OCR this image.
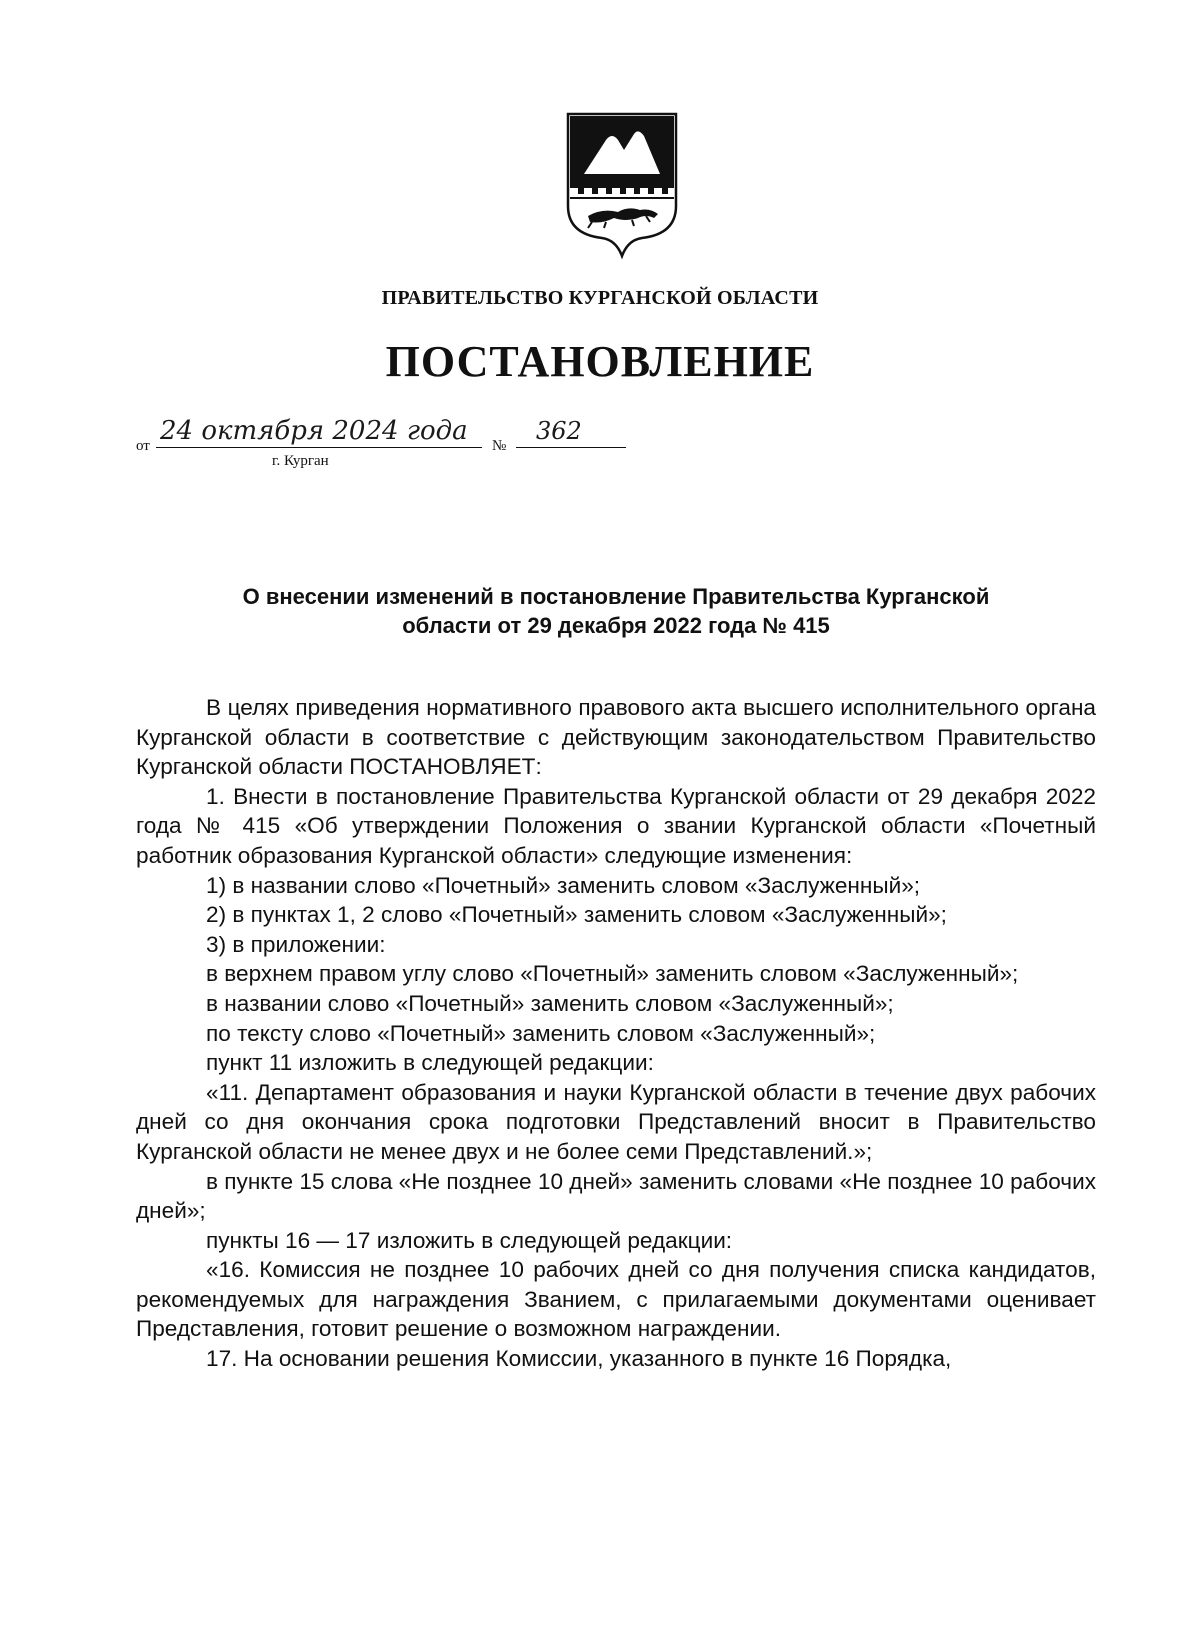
ПРАВИТЕЛЬСТВО КУРГАНСКОЙ ОБЛАСТИ
ПОСТАНОВЛЕНИЕ
от 24 октября 2024 года	№
362
г. Курган
О внесении изменений в постановление Правительства Курганской
области от 29 декабря 2022 года № 415

В целях приведения нормативного правового акта высшего исполнительного органа Курганской области в соответствие с действующим законодательством Правительство Курганской области ПОСТАНОВЛЯЕТ:

1. Внести в постановление Правительства Курганской области от 29 декабря 2022 года № 415 «Об утверждении Положения о звании Курганской области «Почетный работник образования Курганской области» следующие изменения:

1) в названии слово «Почетный» заменить словом «Заслуженный»;

2) в пунктах 1, 2 слово «Почетный» заменить словом «Заслуженный»;

3) в приложении:

в верхнем правом углу слово «Почетный» заменить словом «Заслуженный»;

в названии слово «Почетный» заменить словом «Заслуженный»;

по тексту слово «Почетный» заменить словом «Заслуженный»;

пункт 11 изложить в следующей редакции:

«11. Департамент образования и науки Курганской области в течение двух рабочих дней со дня окончания срока подготовки Представлений вносит в Правительство Курганской области не менее двух и не более семи Представлений.»;

в пункте 15 слова «Не позднее 10 дней» заменить словами «Не позднее 10 рабочих дней»;

пункты 16 — 17 изложить в следующей редакции:

«16. Комиссия не позднее 10 рабочих дней со дня получения списка кандидатов, рекомендуемых для награждения Званием, с прилагаемыми документами оценивает Представления, готовит решение о возможном награждении.

17. На основании решения Комиссии, указанного в пункте 16 Порядка,
